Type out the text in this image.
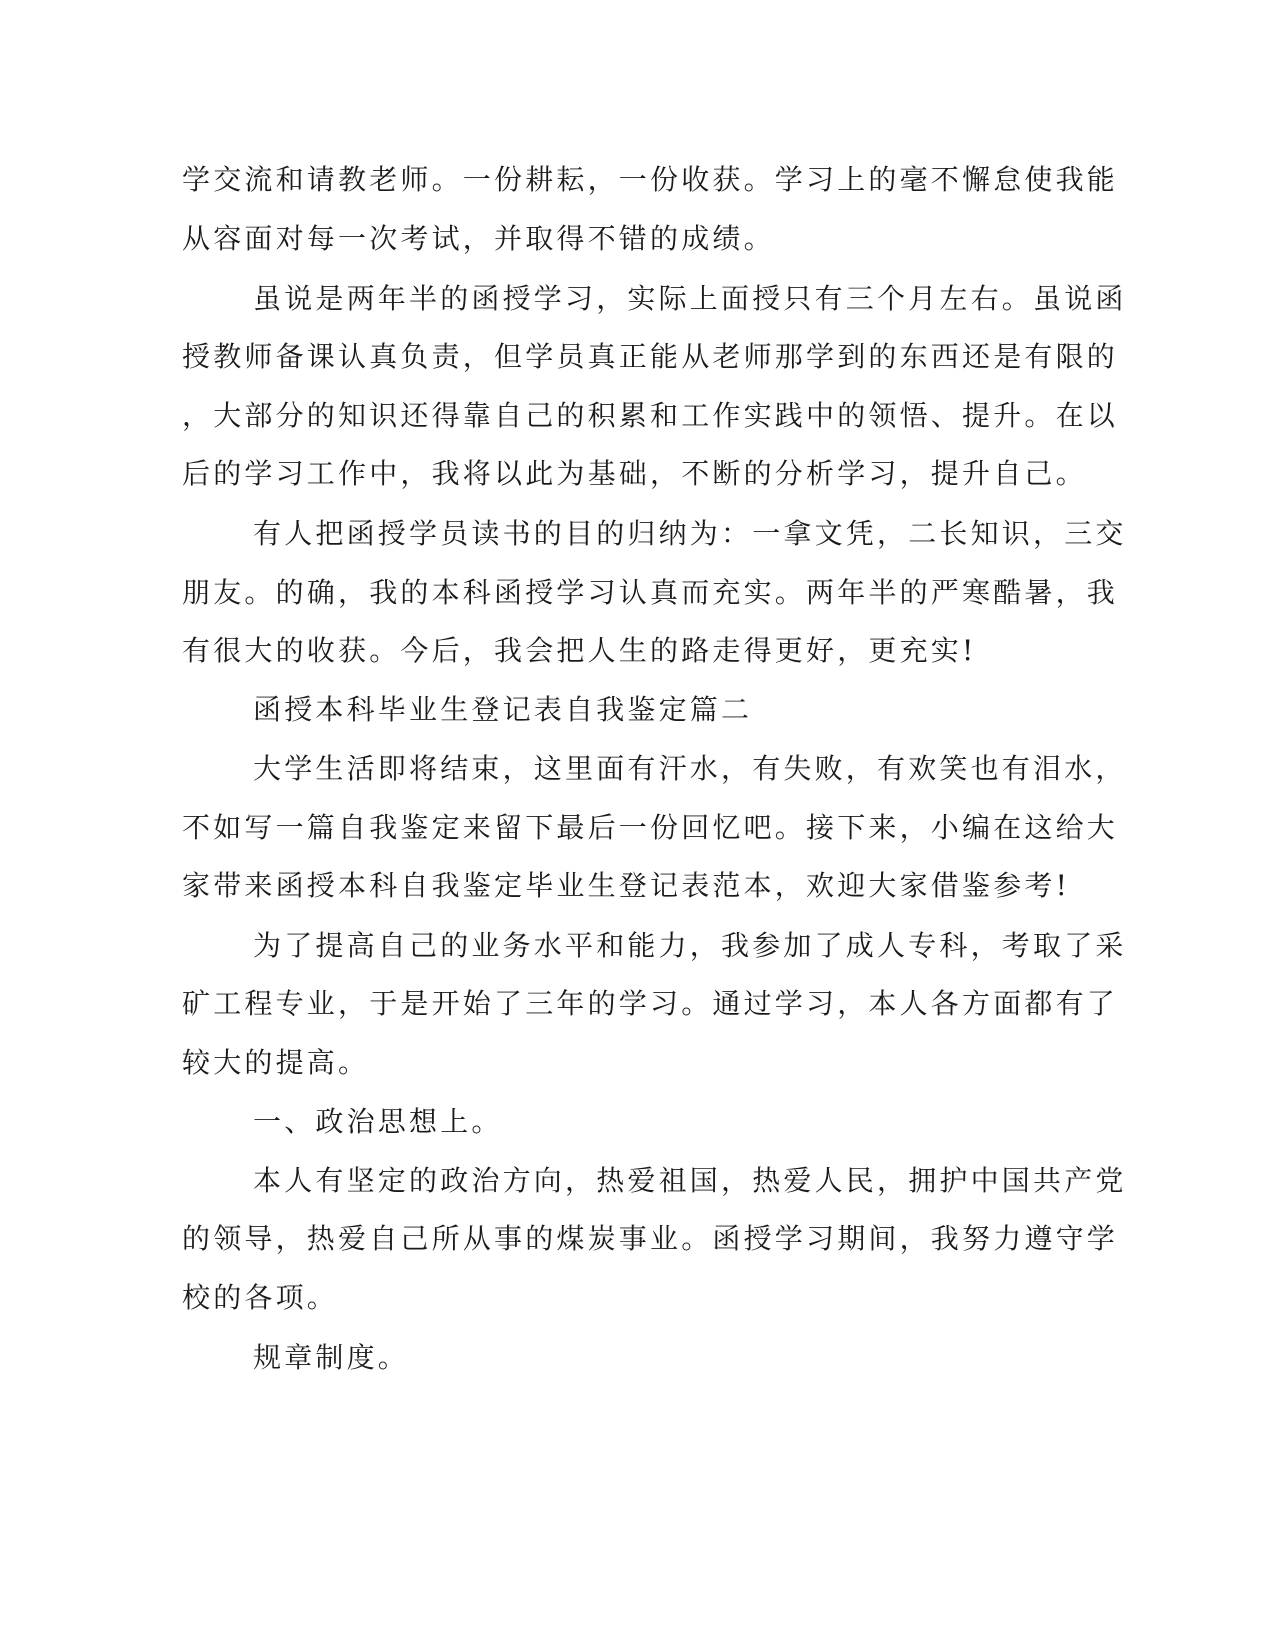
学交流和请教老师。一份耕耘，一份收获。学习上的毫不懈怠使我能
从容面对每一次考试，并取得不错的成绩。
虽说是两年半的函授学习，实际上面授只有三个月左右。虽说函
授教师备课认真负责，但学员真正能从老师那学到的东西还是有限的
，大部分的知识还得靠自己的积累和工作实践中的领悟、提升。在以
后的学习工作中，我将以此为基础，不断的分析学习，提升自己。
有人把函授学员读书的目的归纳为：一拿文凭，二长知识，三交
朋友。的确，我的本科函授学习认真而充实。两年半的严寒酷暑，我
有很大的收获。今后，我会把人生的路走得更好，更充实!
函授本科毕业生登记表自我鉴定篇二
大学生活即将结束，这里面有汗水，有失败，有欢笑也有泪水，
不如写一篇自我鉴定来留下最后一份回忆吧。接下来，小编在这给大
家带来函授本科自我鉴定毕业生登记表范本，欢迎大家借鉴参考!
为了提高自己的业务水平和能力，我参加了成人专科，考取了采
矿工程专业，于是开始了三年的学习。通过学习，本人各方面都有了
较大的提高。
一、政治思想上。
本人有坚定的政治方向，热爱祖国，热爱人民，拥护中国共产党
的领导，热爱自己所从事的煤炭事业。函授学习期间，我努力遵守学
校的各项。
规章制度。
